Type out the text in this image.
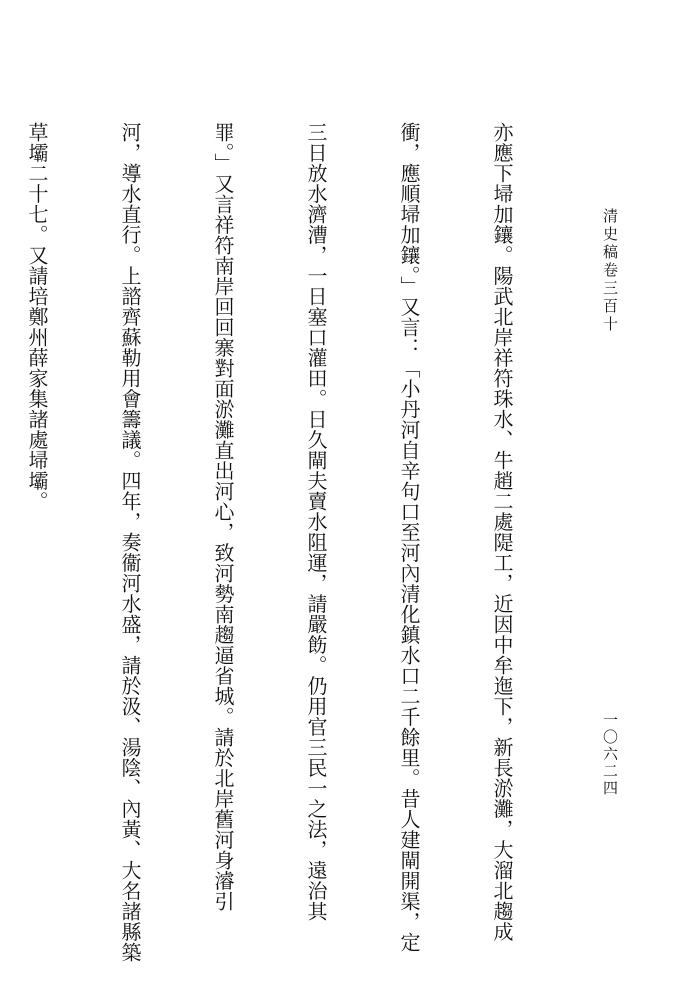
清史稿卷三百十
一〇六二四

亦應下埽加鑲。陽武北岸祥符珠水、牛趙二處隄工，近因中牟迤下，新長淤灘，大溜北趨成

衝，應順埽加鑲。」又言：「小丹河自辛句口至河內清化鎮水口二千餘里。昔人建閘開渠，定

三日放水濟漕，一日塞口灌田。日久閘夫賣水阻運，請嚴飭。仍用官三民一之法，遠治其

罪。」又言祥符南岸回回寨對面淤灘直出河心，致河勢南趨逼省城。請於北岸舊河身濬引

河，導水直行。上諮齊蘇勒用會籌議。四年，奏衞河水盛，請於汲、湯陰、內黃、大名諸縣築

草壩二十七。又請培鄭州薛家集諸處埽壩。
